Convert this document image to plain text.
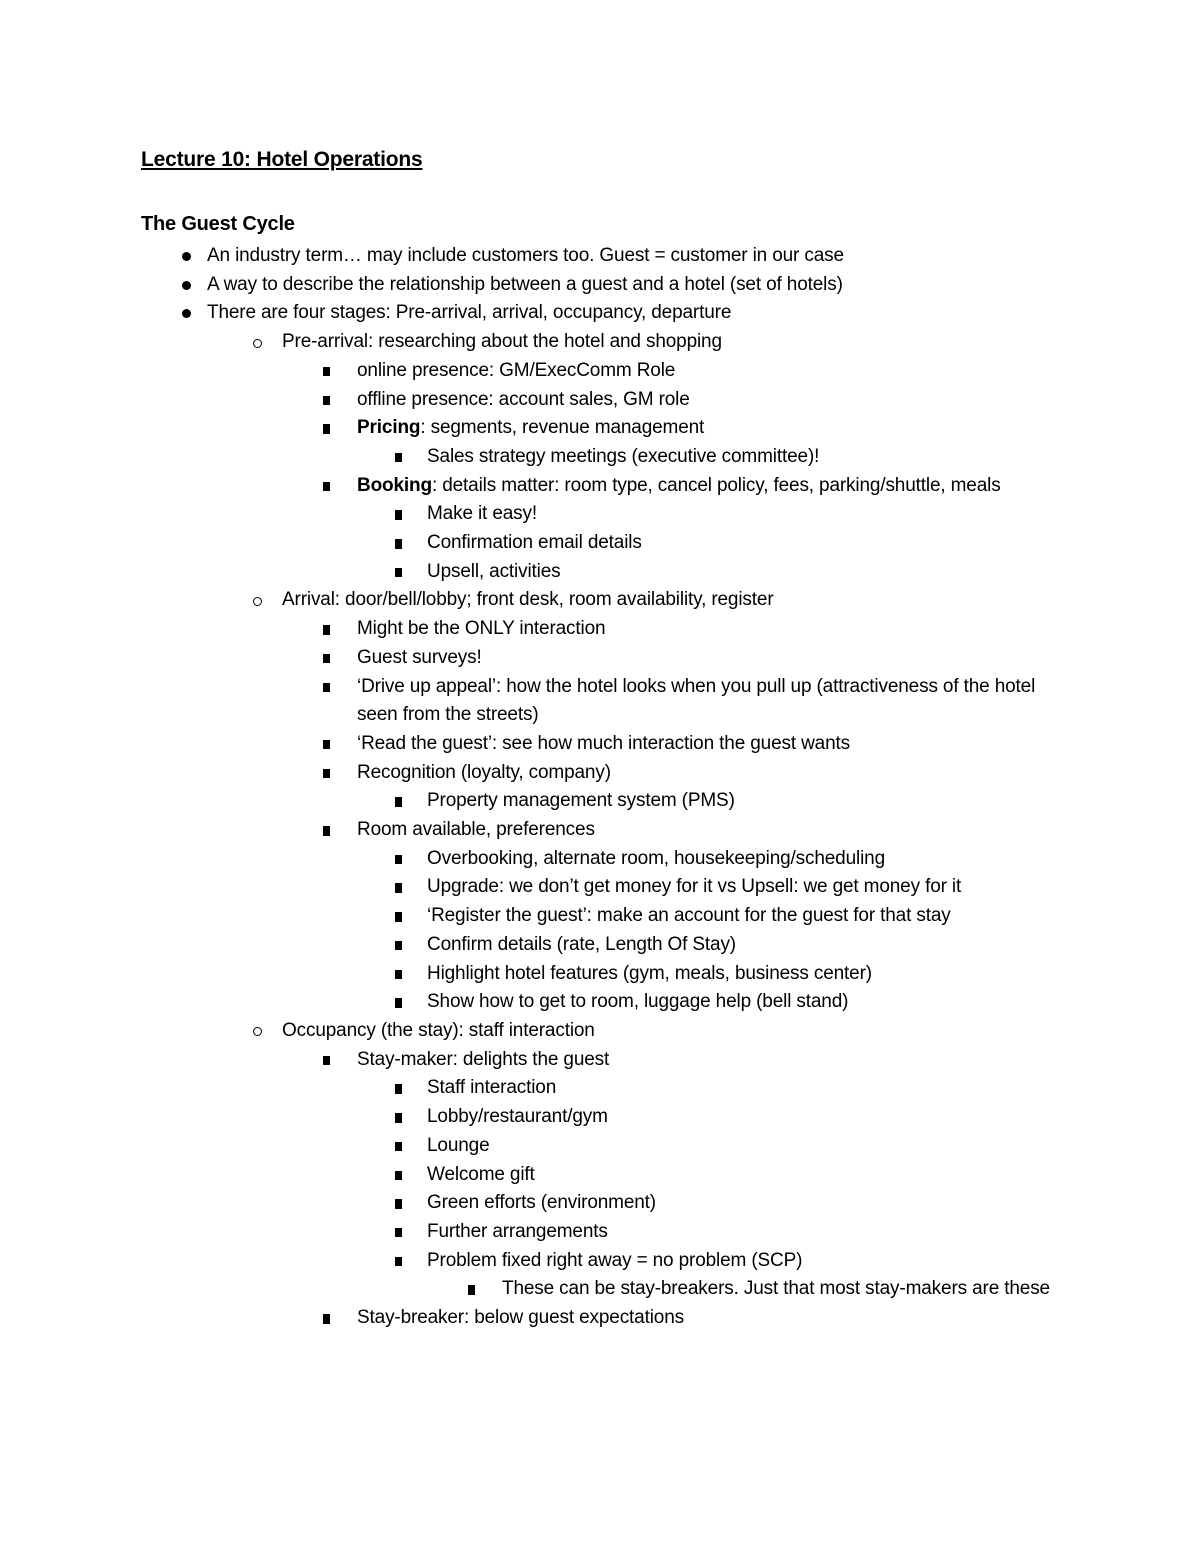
Lecture 10: Hotel Operations
The Guest Cycle
An industry term… may include customers too. Guest = customer in our case
A way to describe the relationship between a guest and a hotel (set of hotels)
There are four stages: Pre-arrival, arrival, occupancy, departure
Pre-arrival: researching about the hotel and shopping
online presence: GM/ExecComm Role
offline presence: account sales, GM role
Pricing: segments, revenue management
Sales strategy meetings (executive committee)!
Booking: details matter: room type, cancel policy, fees, parking/shuttle, meals
Make it easy!
Confirmation email details
Upsell, activities
Arrival: door/bell/lobby; front desk, room availability, register
Might be the ONLY interaction
Guest surveys!
‘Drive up appeal’: how the hotel looks when you pull up (attractiveness of the hotel seen from the streets)
‘Read the guest’: see how much interaction the guest wants
Recognition (loyalty, company)
Property management system (PMS)
Room available, preferences
Overbooking, alternate room, housekeeping/scheduling
Upgrade: we don’t get money for it vs Upsell: we get money for it
‘Register the guest’: make an account for the guest for that stay
Confirm details (rate, Length Of Stay)
Highlight hotel features (gym, meals, business center)
Show how to get to room, luggage help (bell stand)
Occupancy (the stay): staff interaction
Stay-maker: delights the guest
Staff interaction
Lobby/restaurant/gym
Lounge
Welcome gift
Green efforts (environment)
Further arrangements
Problem fixed right away = no problem (SCP)
These can be stay-breakers. Just that most stay-makers are these
Stay-breaker: below guest expectations
